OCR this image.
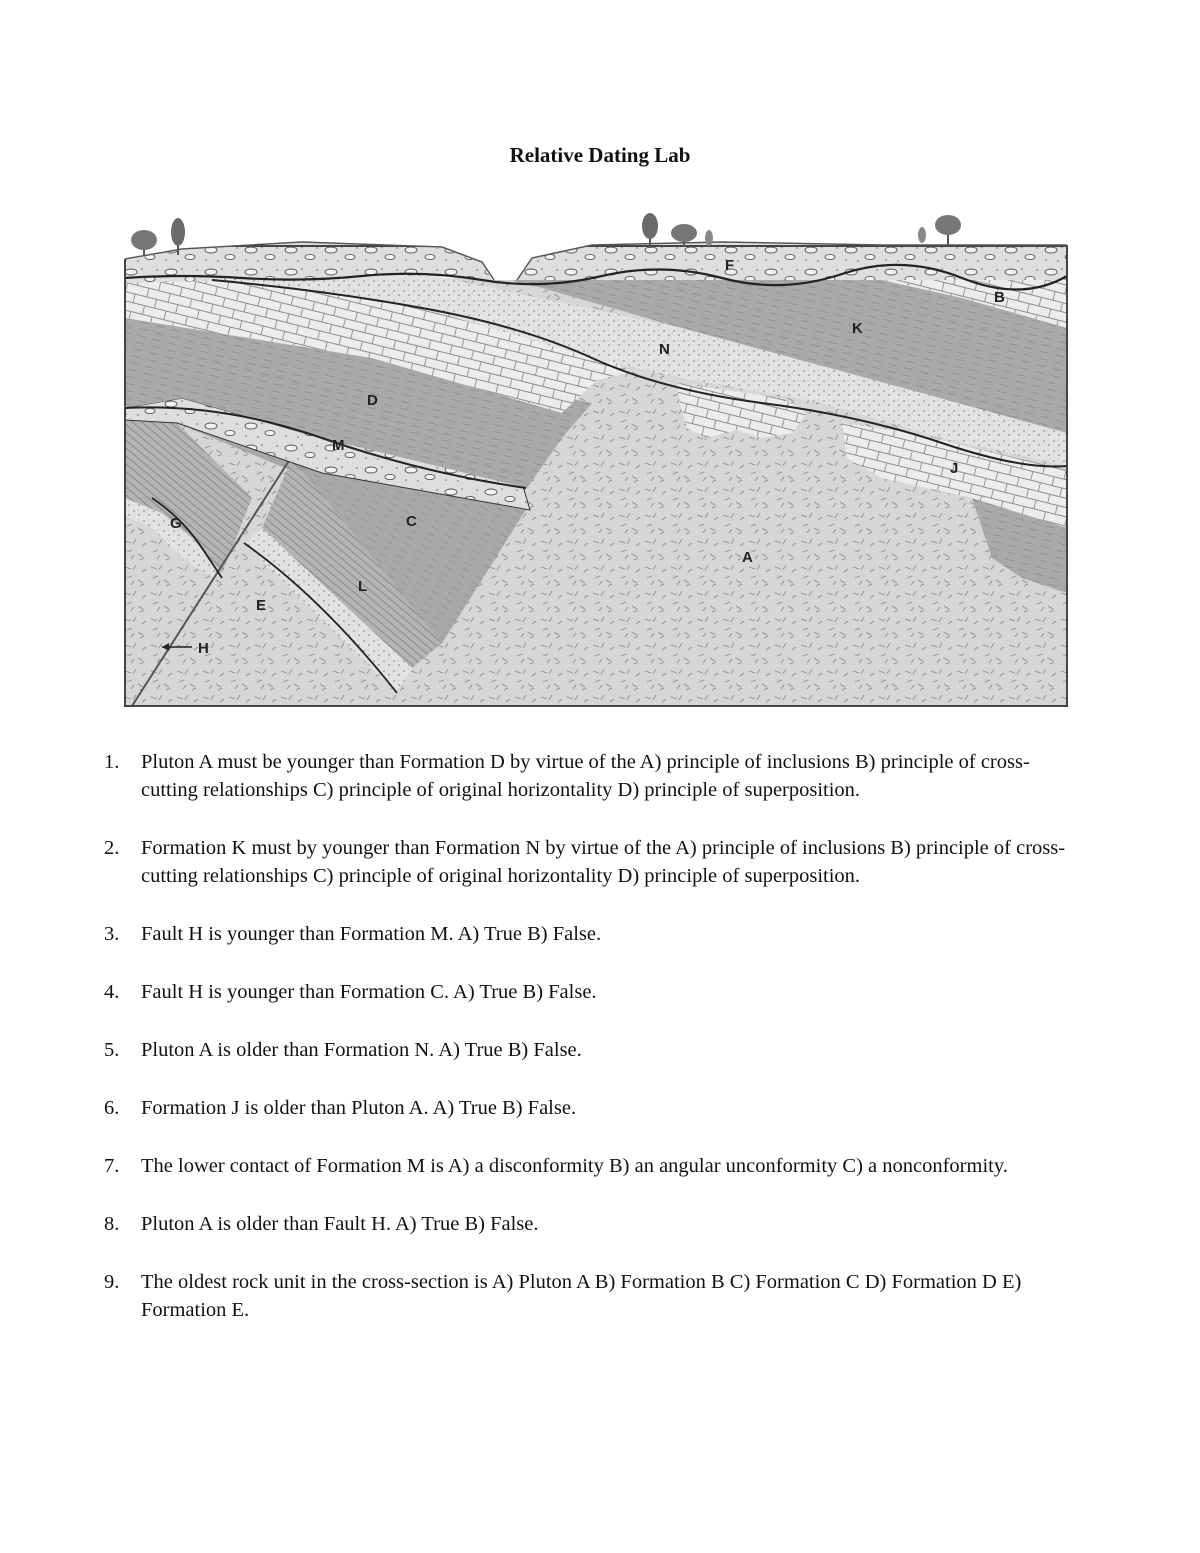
Relative Dating Lab
F
B
K
N
D
M
C
J
A
G
L
E
H
1. Pluton A must be younger than Formation D by virtue of the A) principle of inclusions B) principle of cross-cutting relationships C) principle of original horizontality D) principle of superposition.
2. Formation K must by younger than Formation N by virtue of the A) principle of inclusions B) principle of cross-cutting relationships C) principle of original horizontality D) principle of superposition.
3. Fault H is younger than Formation M. A) True B) False.
4. Fault H is younger than Formation C. A) True B) False.
5. Pluton A is older than Formation N. A) True B) False.
6. Formation J is older than Pluton A. A) True B) False.
7. The lower contact of Formation M is A) a disconformity B) an angular unconformity C) a nonconformity.
8. Pluton A is older than Fault H. A) True B) False.
9. The oldest rock unit in the cross-section is A) Pluton A B) Formation B C) Formation C D) Formation D E) Formation E.
